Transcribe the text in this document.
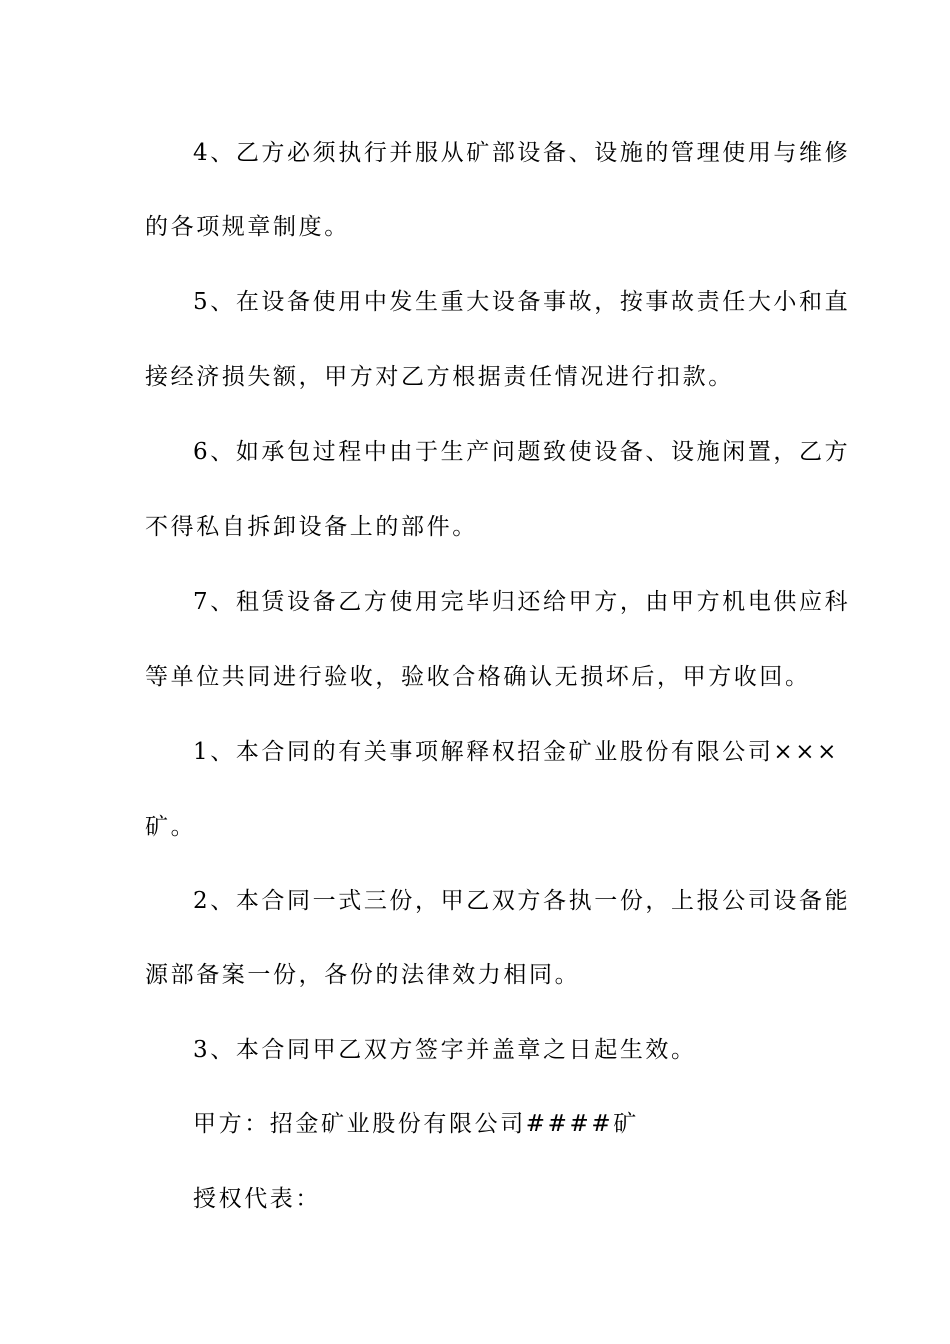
4、乙方必须执行并服从矿部设备、设施的管理使用与维修
的各项规章制度。
5、在设备使用中发生重大设备事故，按事故责任大小和直
接经济损失额，甲方对乙方根据责任情况进行扣款。
6、如承包过程中由于生产问题致使设备、设施闲置，乙方
不得私自拆卸设备上的部件。
7、租赁设备乙方使用完毕归还给甲方，由甲方机电供应科
等单位共同进行验收，验收合格确认无损坏后，甲方收回。
1、本合同的有关事项解释权招金矿业股份有限公司×××
矿。
2、本合同一式三份，甲乙双方各执一份，上报公司设备能
源部备案一份，各份的法律效力相同。
3、本合同甲乙双方签字并盖章之日起生效。
甲方：招金矿业股份有限公司####矿
授权代表：
